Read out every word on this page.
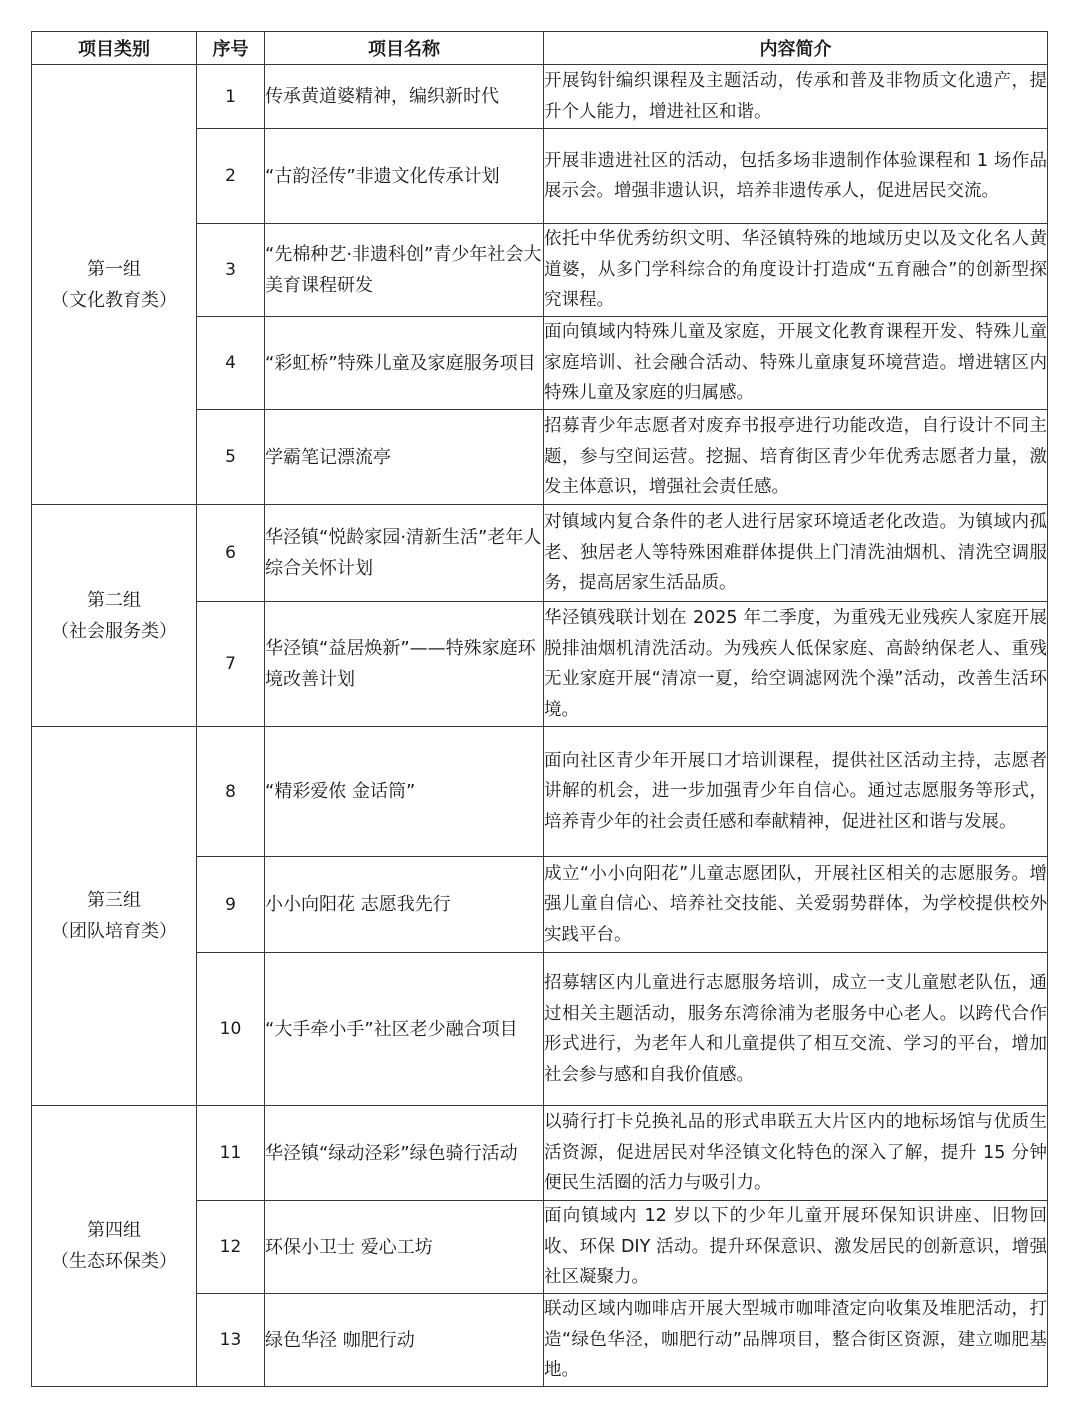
项目类别	序号	项目名称	内容简介

第一组
（文化教育类）	1	传承黄道婆精神，编织新时代	开展钩针编织课程及主题活动，传承和普及非物质文化遗产，提升个人能力，增进社区和谐。
	2	“古韵泾传”非遗文化传承计划	开展非遗进社区的活动，包括多场非遗制作体验课程和 1 场作品展示会。增强非遗认识，培养非遗传承人，促进居民交流。
	3	“先棉种艺·非遗科创”青少年社会大美育课程研发	依托中华优秀纺织文明、华泾镇特殊的地域历史以及文化名人黄道婆，从多门学科综合的角度设计打造成“五育融合”的创新型探究课程。
	4	“彩虹桥”特殊儿童及家庭服务项目	面向镇域内特殊儿童及家庭，开展文化教育课程开发、特殊儿童家庭培训、社会融合活动、特殊儿童康复环境营造。增进辖区内特殊儿童及家庭的归属感。
	5	学霸笔记漂流亭	招募青少年志愿者对废弃书报亭进行功能改造，自行设计不同主题，参与空间运营。挖掘、培育街区青少年优秀志愿者力量，激发主体意识，增强社会责任感。

第二组
（社会服务类）	6	华泾镇“悦龄家园·清新生活”老年人综合关怀计划	对镇域内复合条件的老人进行居家环境适老化改造。为镇域内孤老、独居老人等特殊困难群体提供上门清洗油烟机、清洗空调服务，提高居家生活品质。
	7	华泾镇“益居焕新”——特殊家庭环境改善计划	华泾镇残联计划在 2025 年二季度，为重残无业残疾人家庭开展脱排油烟机清洗活动。为残疾人低保家庭、高龄纳保老人、重残无业家庭开展“清凉一夏，给空调滤网洗个澡”活动，改善生活环境。

第三组
（团队培育类）	8	“精彩爱侬 金话筒”	面向社区青少年开展口才培训课程，提供社区活动主持，志愿者讲解的机会，进一步加强青少年自信心。通过志愿服务等形式，培养青少年的社会责任感和奉献精神，促进社区和谐与发展。
	9	小小向阳花 志愿我先行	成立“小小向阳花”儿童志愿团队，开展社区相关的志愿服务。增强儿童自信心、培养社交技能、关爱弱势群体，为学校提供校外实践平台。
	10	“大手牵小手”社区老少融合项目	招募辖区内儿童进行志愿服务培训，成立一支儿童慰老队伍，通过相关主题活动，服务东湾徐浦为老服务中心老人。以跨代合作形式进行，为老年人和儿童提供了相互交流、学习的平台，增加社会参与感和自我价值感。

第四组
（生态环保类）	11	华泾镇“绿动泾彩”绿色骑行活动	以骑行打卡兑换礼品的形式串联五大片区内的地标场馆与优质生活资源，促进居民对华泾镇文化特色的深入了解，提升 15 分钟便民生活圈的活力与吸引力。
	12	环保小卫士 爱心工坊	面向镇域内 12 岁以下的少年儿童开展环保知识讲座、旧物回收、环保 DIY 活动。提升环保意识、激发居民的创新意识，增强社区凝聚力。
	13	绿色华泾 咖肥行动	联动区域内咖啡店开展大型城市咖啡渣定向收集及堆肥活动，打造“绿色华泾，咖肥行动”品牌项目，整合街区资源，建立咖肥基地。
